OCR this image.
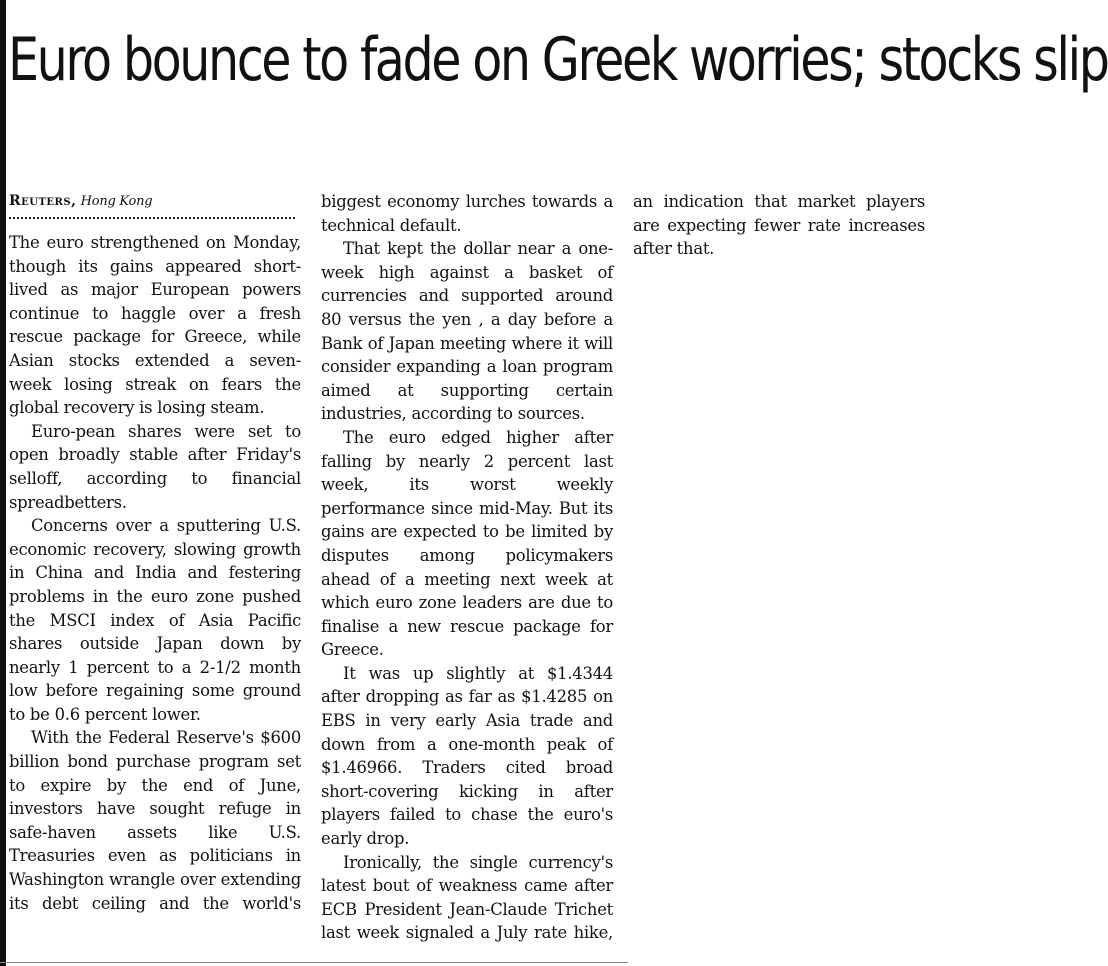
Euro bounce to fade on Greek worries; stocks slip

Reuters, Hong Kong

The euro strengthened on Monday, though its gains appeared short-lived as major European powers continue to haggle over a fresh rescue package for Greece, while Asian stocks extended a seven-week losing streak on fears the global recovery is losing steam.

Euro-pean shares were set to open broadly stable after Friday's selloff, according to financial spreadbetters.

Concerns over a sputtering U.S. economic recovery, slowing growth in China and India and festering problems in the euro zone pushed the MSCI index of Asia Pacific shares outside Japan down by nearly 1 percent to a 2-1/2 month low before regaining some ground to be 0.6 percent lower.

With the Federal Reserve's $600 billion bond purchase program set to expire by the end of June, investors have sought refuge in safe-haven assets like U.S. Treasuries even as politicians in Washington wrangle over extending its debt ceiling and the world's biggest economy lurches towards a technical default.

That kept the dollar near a one-week high against a basket of currencies and supported around 80 versus the yen , a day before a Bank of Japan meeting where it will consider expanding a loan program aimed at supporting certain industries, according to sources.

The euro edged higher after falling by nearly 2 percent last week, its worst weekly performance since mid-May. But its gains are expected to be limited by disputes among policymakers ahead of a meeting next week at which euro zone leaders are due to finalise a new rescue package for Greece.

It was up slightly at $1.4344 after dropping as far as $1.4285 on EBS in very early Asia trade and down from a one-month peak of $1.46966. Traders cited broad short-covering kicking in after players failed to chase the euro's early drop.

Ironically, the single currency's latest bout of weakness came after ECB President Jean-Claude Trichet last week signaled a July rate hike, an indication that market players are expecting fewer rate increases after that.
